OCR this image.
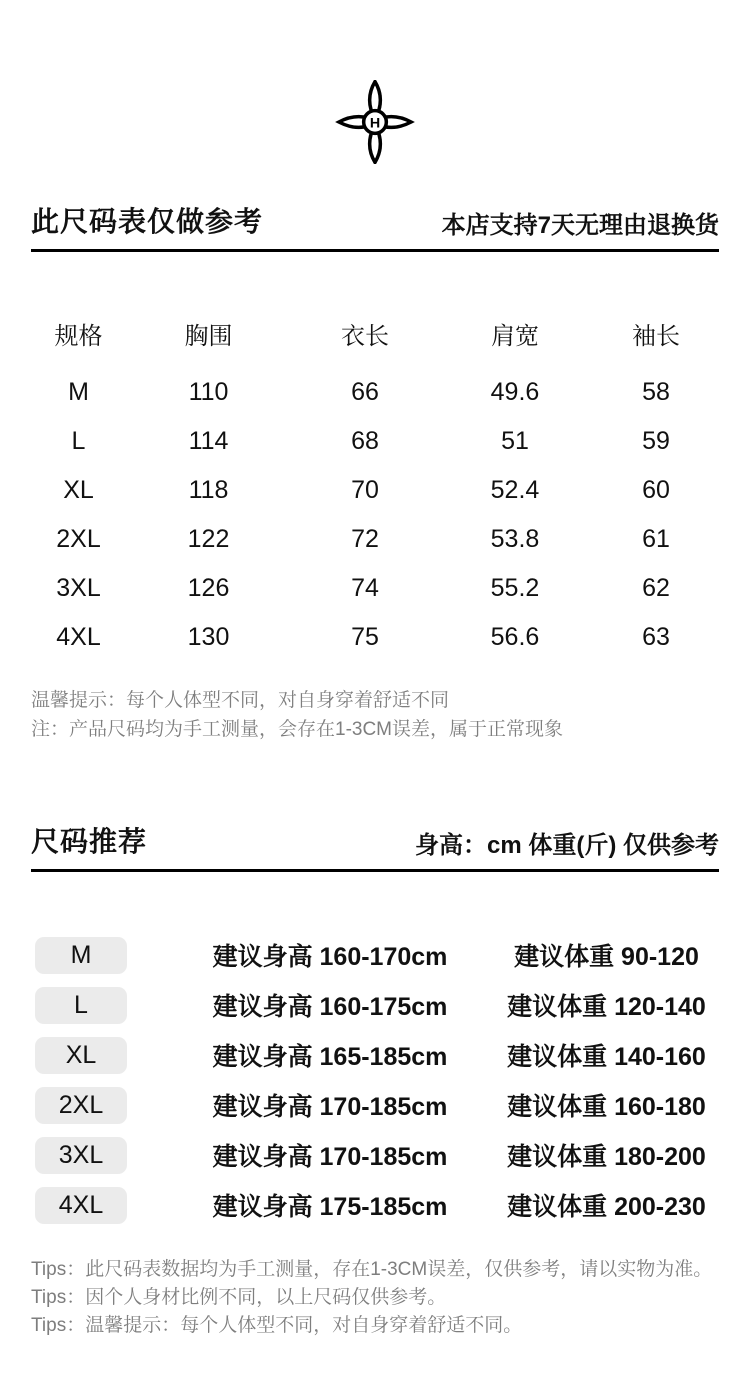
H
此尺码表仅做参考	本店支持7天无理由退换货
规格	胸围	衣长	肩宽	袖长
M	110	66	49.6	58
L	114	68	51	59
XL	118	70	52.4	60
2XL	122	72	53.8	61
3XL	126	74	55.2	62
4XL	130	75	56.6	63
温馨提示：每个人体型不同，对自身穿着舒适不同
注：产品尺码均为手工测量，会存在1-3CM误差，属于正常现象
尺码推荐	身高：cm 体重(斤) 仅供参考
M	建议身高 160-170cm	建议体重 90-120
L	建议身高 160-175cm	建议体重 120-140
XL	建议身高 165-185cm	建议体重 140-160
2XL	建议身高 170-185cm	建议体重 160-180
3XL	建议身高 170-185cm	建议体重 180-200
4XL	建议身高 175-185cm	建议体重 200-230
Tips：此尺码表数据均为手工测量，存在1-3CM误差，仅供参考，请以实物为准。
Tips：因个人身材比例不同，以上尺码仅供参考。
Tips：温馨提示：每个人体型不同，对自身穿着舒适不同。
